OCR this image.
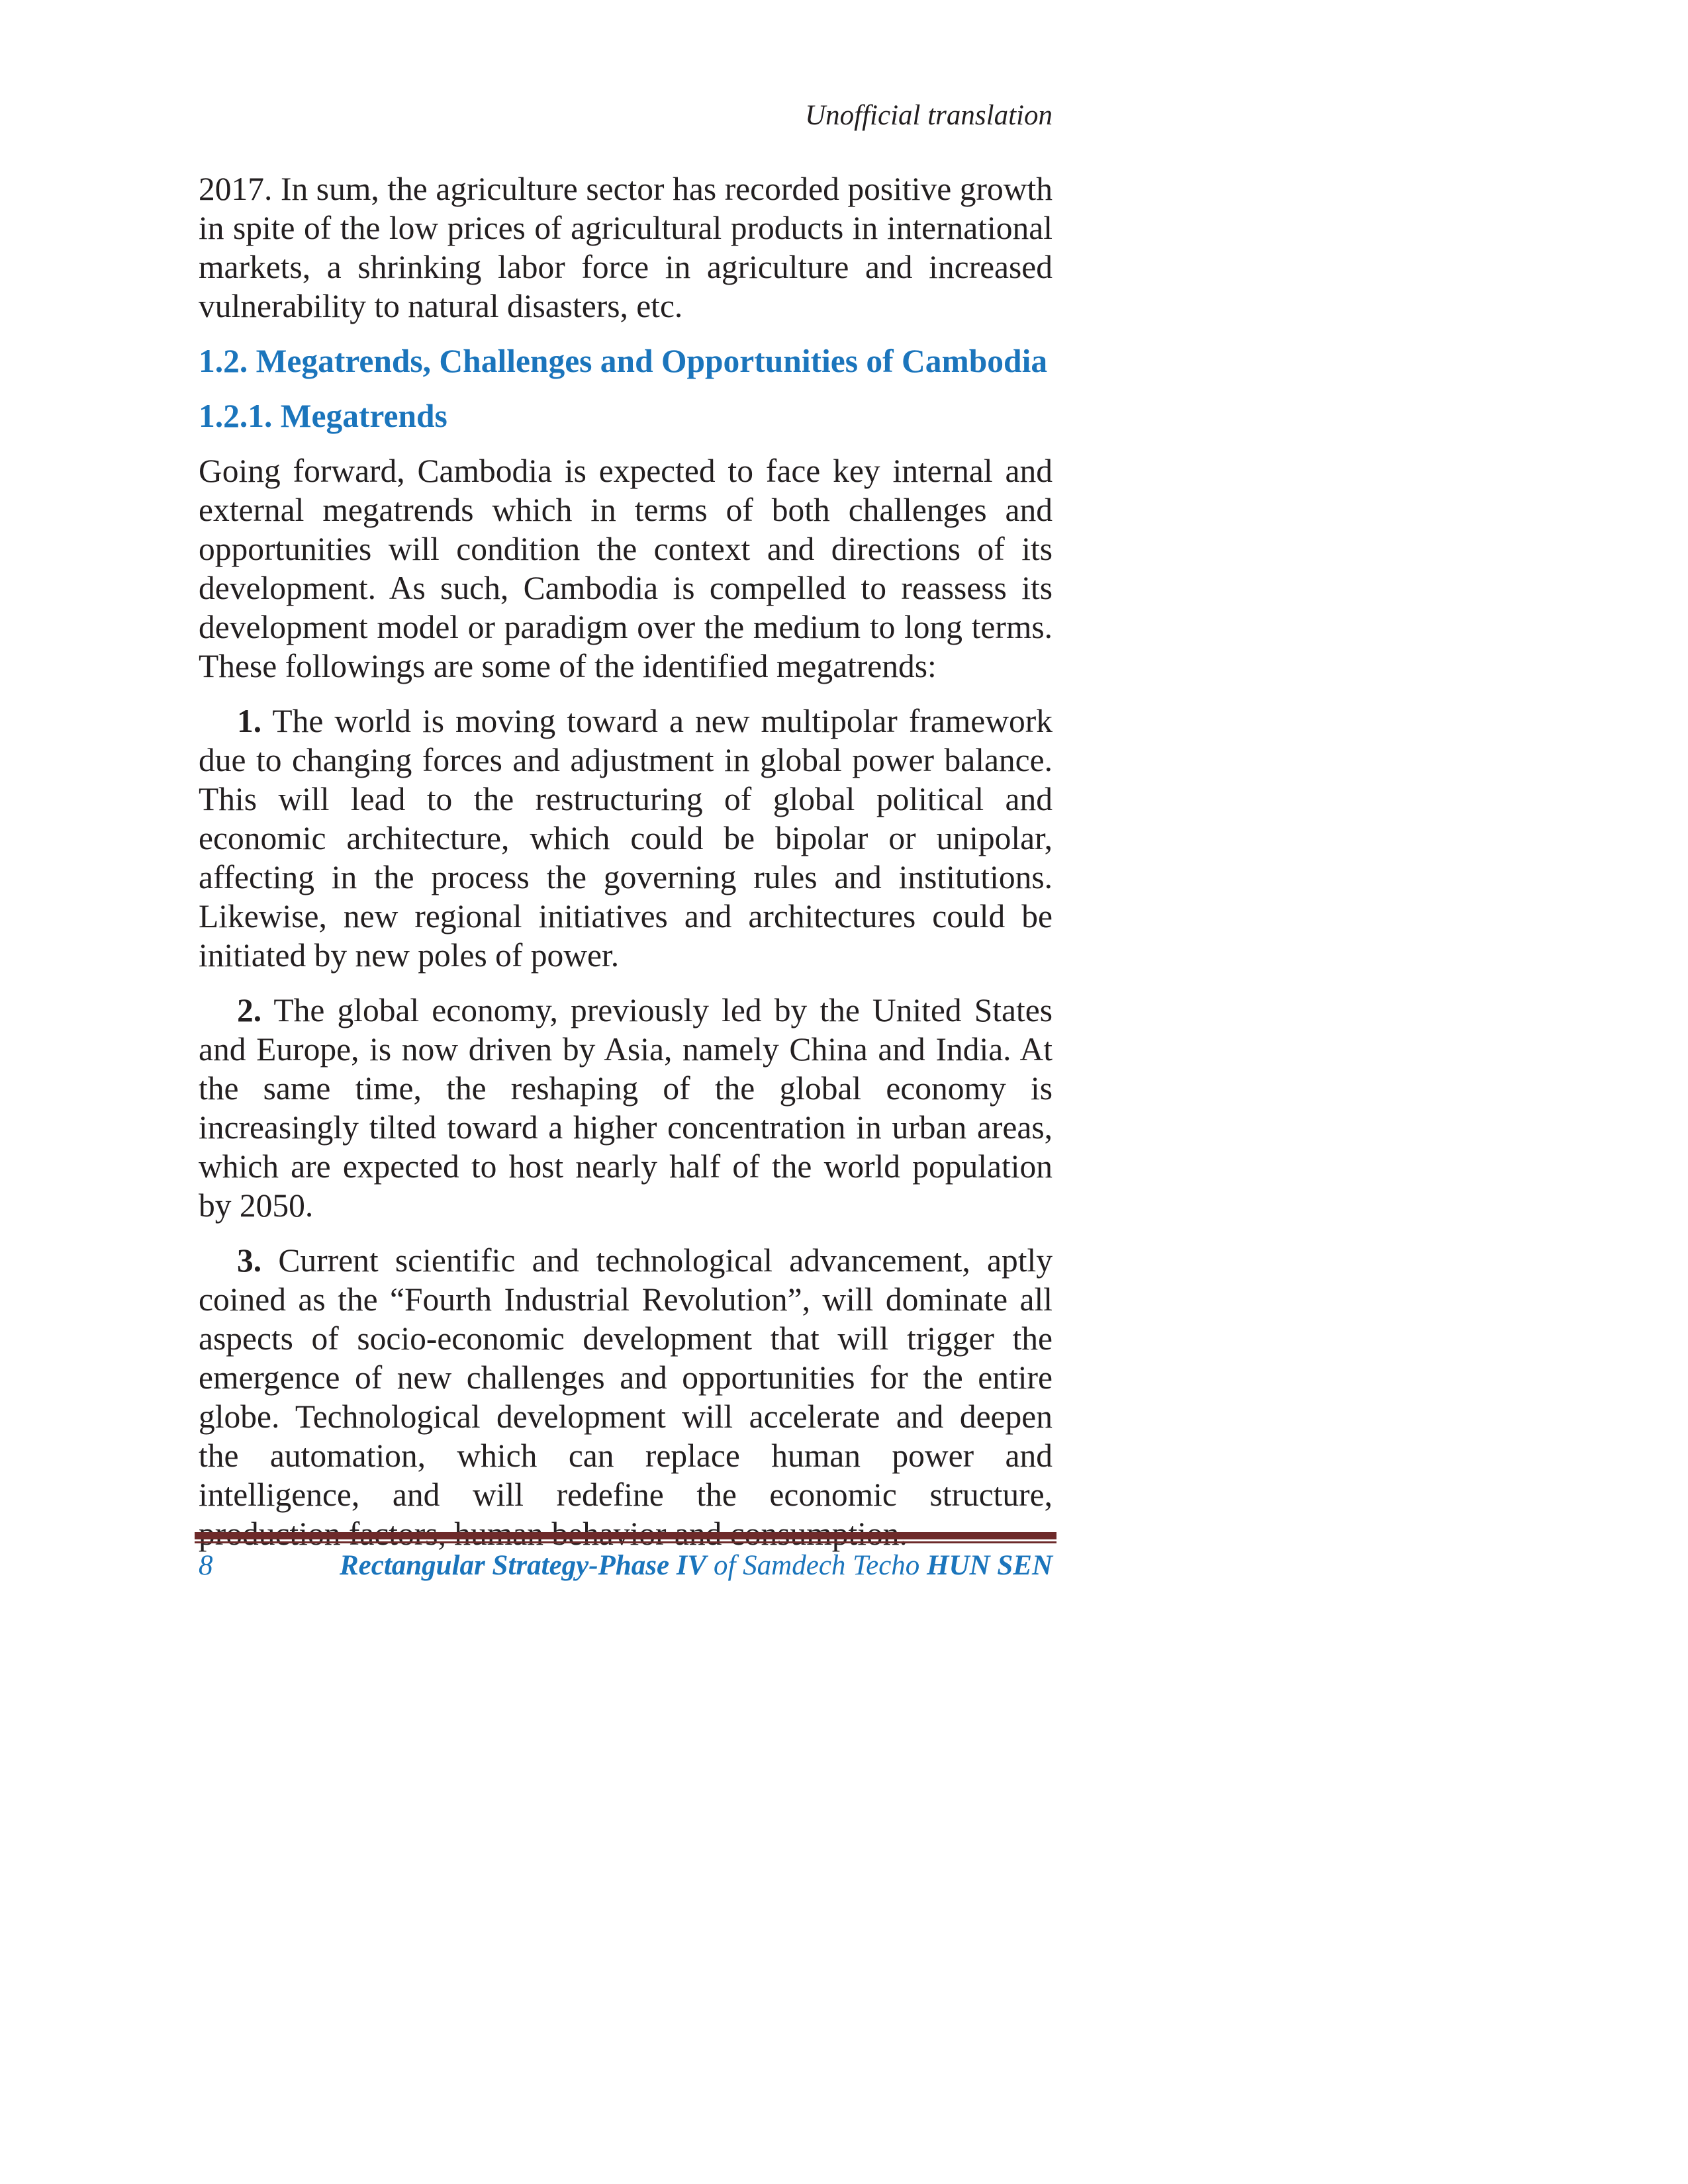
Unofficial translation

2017. In sum, the agriculture sector has recorded positive growth in spite of the low prices of agricultural products in international markets, a shrinking labor force in agriculture and increased vulnerability to natural disasters, etc.

1.2. Megatrends, Challenges and Opportunities of Cambodia
1.2.1. Megatrends

Going forward, Cambodia is expected to face key internal and external megatrends which in terms of both challenges and opportunities will condition the context and directions of its development. As such, Cambodia is compelled to reassess its development model or paradigm over the medium to long terms. These followings are some of the identified megatrends:

1. The world is moving toward a new multipolar framework due to changing forces and adjustment in global power balance. This will lead to the restructuring of global political and economic architecture, which could be bipolar or unipolar, affecting in the process the governing rules and institutions. Likewise, new regional initiatives and architectures could be initiated by new poles of power.

2. The global economy, previously led by the United States and Europe, is now driven by Asia, namely China and India. At the same time, the reshaping of the global economy is increasingly tilted toward a higher concentration in urban areas, which are expected to host nearly half of the world population by 2050.

3. Current scientific and technological advancement, aptly coined as the “Fourth Industrial Revolution”, will dominate all aspects of socio-economic development that will trigger the emergence of new challenges and opportunities for the entire globe. Technological development will accelerate and deepen the automation, which can replace human power and intelligence, and will redefine the economic structure,

8	Rectangular Strategy-Phase IV of Samdech Techo HUN SEN
